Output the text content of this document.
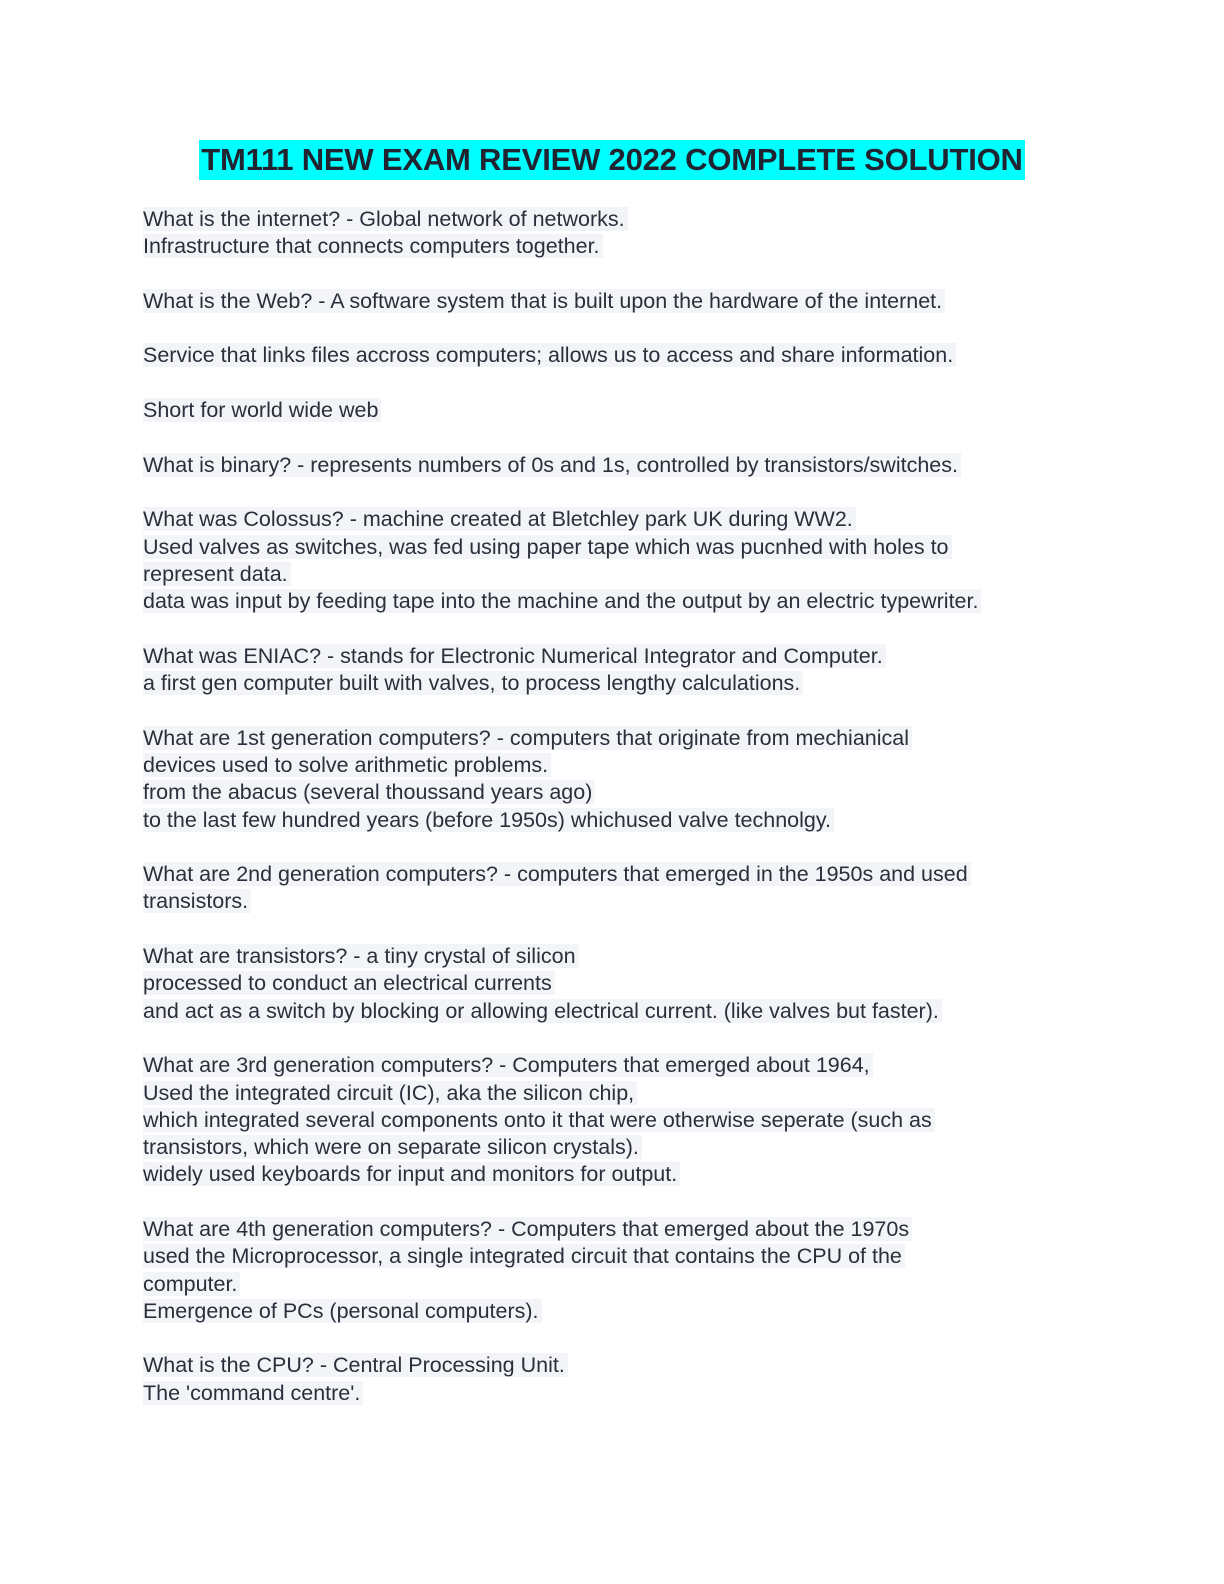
TM111 NEW EXAM REVIEW 2022 COMPLETE SOLUTION
What is the internet? - Global network of networks.
Infrastructure that connects computers together.
What is the Web? - A software system that is built upon the hardware of the internet.
Service that links files accross computers; allows us to access and share information.
Short for world wide web
What is binary? - represents numbers of 0s and 1s, controlled by transistors/switches.
What was Colossus? - machine created at Bletchley park UK during WW2.
Used valves as switches, was fed using paper tape which was pucnhed with holes to
represent data.
data was input by feeding tape into the machine and the output by an electric typewriter.
What was ENIAC? - stands for Electronic Numerical Integrator and Computer.
a first gen computer built with valves, to process lengthy calculations.
What are 1st generation computers? - computers that originate from mechianical
devices used to solve arithmetic problems.
from the abacus (several thoussand years ago)
to the last few hundred years (before 1950s) whichused valve technolgy.
What are 2nd generation computers? - computers that emerged in the 1950s and used
transistors.
What are transistors? - a tiny crystal of silicon
processed to conduct an electrical currents
and act as a switch by blocking or allowing electrical current. (like valves but faster).
What are 3rd generation computers? - Computers that emerged about 1964,
Used the integrated circuit (IC), aka the silicon chip,
which integrated several components onto it that were otherwise seperate (such as
transistors, which were on separate silicon crystals).
widely used keyboards for input and monitors for output.
What are 4th generation computers? - Computers that emerged about the 1970s
used the Microprocessor, a single integrated circuit that contains the CPU of the
computer.
Emergence of PCs (personal computers).
What is the CPU? - Central Processing Unit.
The 'command centre'.
